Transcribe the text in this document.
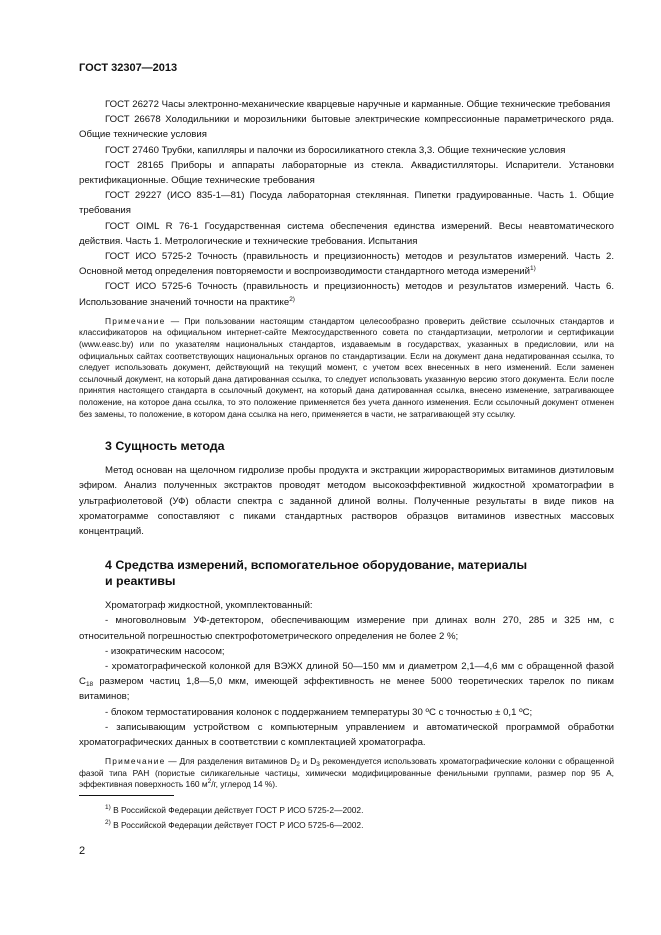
ГОСТ 32307—2013

ГОСТ 26272 Часы электронно-механические кварцевые наручные и карманные. Общие технические требования

ГОСТ 26678 Холодильники и морозильники бытовые электрические компрессионные параметрического ряда. Общие технические условия

ГОСТ 27460 Трубки, капилляры и палочки из боросиликатного стекла 3,3. Общие технические условия

ГОСТ 28165 Приборы и аппараты лабораторные из стекла. Аквадистилляторы. Испарители. Установки ректификационные. Общие технические требования

ГОСТ 29227 (ИСО 835-1—81) Посуда лабораторная стеклянная. Пипетки градуированные. Часть 1. Общие требования

ГОСТ OIML R 76-1 Государственная система обеспечения единства измерений. Весы неавтоматического действия. Часть 1. Метрологические и технические требования. Испытания

ГОСТ ИСО 5725-2 Точность (правильность и прецизионность) методов и результатов измерений. Часть 2. Основной метод определения повторяемости и воспроизводимости стандартного метода измерений$^{1)}$

ГОСТ ИСО 5725-6 Точность (правильность и прецизионность) методов и результатов измерений. Часть 6. Использование значений точности на практике$^{2)}$

Примечание — При пользовании настоящим стандартом целесообразно проверить действие ссылочных стандартов и классификаторов на официальном интернет-сайте Межгосударственного совета по стандартизации, метрологии и сертификации (www.easc.by) или по указателям национальных стандартов, издаваемым в государствах, указанных в предисловии, или на официальных сайтах соответствующих национальных органов по стандартизации. Если на документ дана недатированная ссылка, то следует использовать документ, действующий на текущий момент, с учетом всех внесенных в него изменений. Если заменен ссылочный документ, на который дана датированная ссылка, то следует использовать указанную версию этого документа. Если после принятия настоящего стандарта в ссылочный документ, на который дана датированная ссылка, внесено изменение, затрагивающее положение, на которое дана ссылка, то это положение применяется без учета данного изменения. Если ссылочный документ отменен без замены, то положение, в котором дана ссылка на него, применяется в части, не затрагивающей эту ссылку.

3 Сущность метода

Метод основан на щелочном гидролизе пробы продукта и экстракции жирорастворимых витаминов диэтиловым эфиром. Анализ полученных экстрактов проводят методом высокоэффективной жидкостной хроматографии в ультрафиолетовой (УФ) области спектра с заданной длиной волны. Полученные результаты в виде пиков на хроматограмме сопоставляют с пиками стандартных растворов образцов витаминов известных массовых концентраций.

4 Средства измерений, вспомогательное оборудование, материалы
и реактивы

Хроматограф жидкостной, укомплектованный:

- многоволновым УФ-детектором, обеспечивающим измерение при длинах волн 270, 285 и 325 нм, с относительной погрешностью спектрофотометрического определения не более 2 %;

- изократическим насосом;

- хроматографической колонкой для ВЭЖХ длиной 50—150 мм и диаметром 2,1—4,6 мм с обращенной фазой $С_{18}$ размером частиц 1,8—5,0 мкм, имеющей эффективность не менее 5000 теоретических тарелок по пикам витаминов;

- блоком термостатирования колонок с поддержанием температуры 30 ºС с точностью ± 0,1 ºС;

- записывающим устройством с компьютерным управлением и автоматической программой обработки хроматографических данных в соответствии с комплектацией хроматографа.

Примечание — Для разделения витаминов $D_2$ и $D_3$ рекомендуется использовать хроматографические колонки с обращенной фазой типа РАН (пористые силикагельные частицы, химически модифицированные фенильными группами, размер пор 95 А, эффективная поверхность 160 $м^2/г$, углерод 14 %).

$^{1)}$ В Российской Федерации действует ГОСТ Р ИСО 5725-2—2002.
$^{2)}$ В Российской Федерации действует ГОСТ Р ИСО 5725-6—2002.
2
